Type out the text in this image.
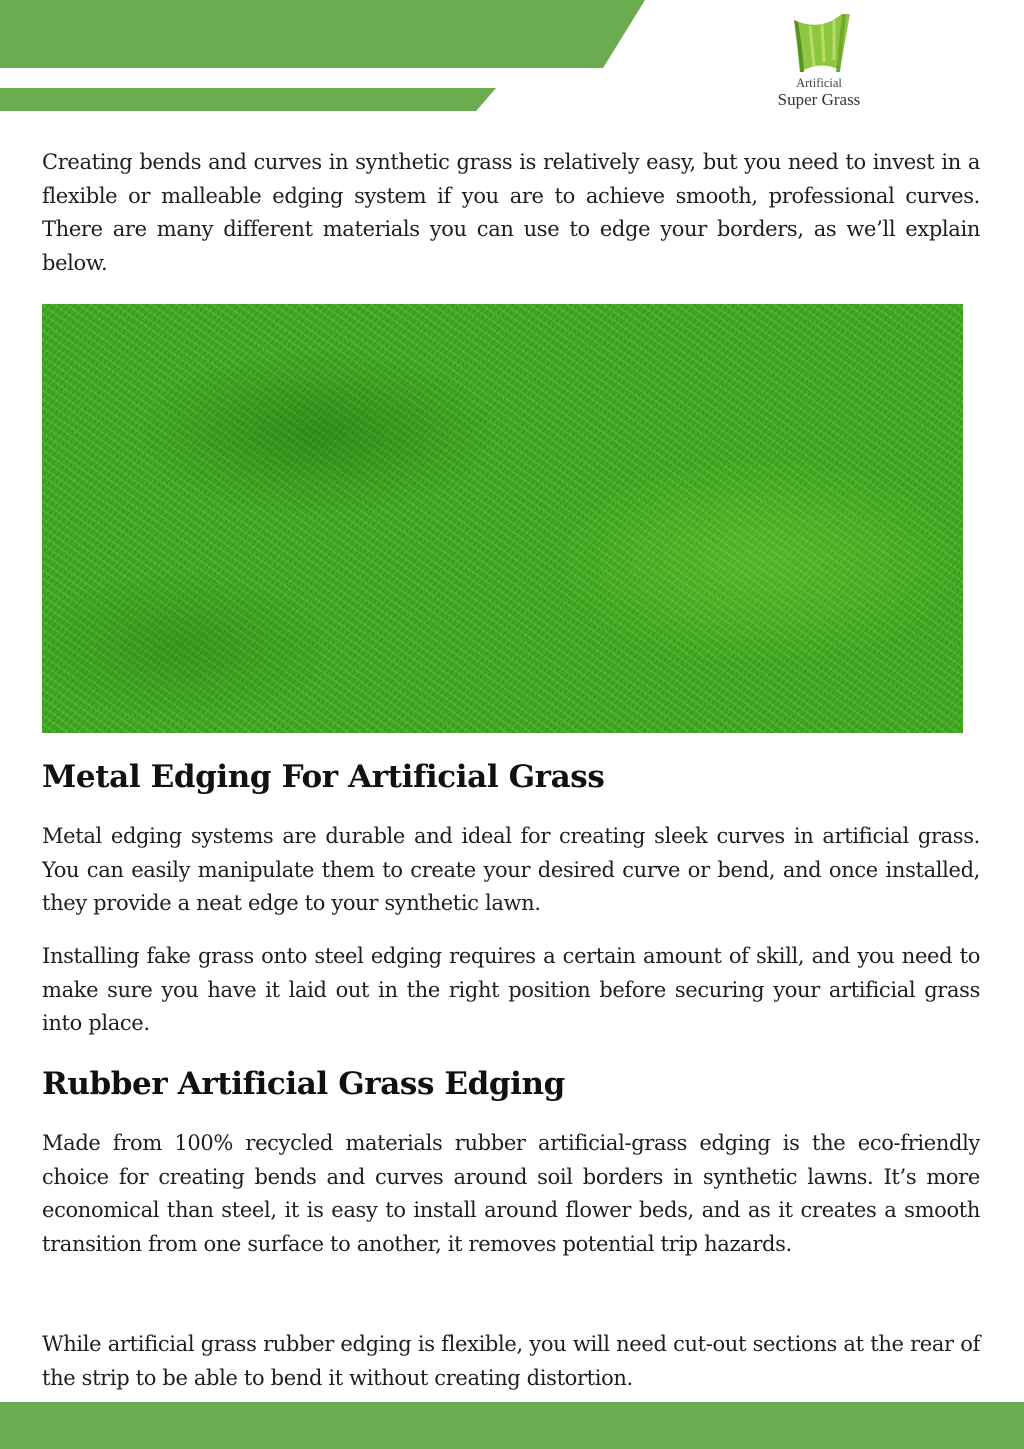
Artificial
Super Grass

Creating bends and curves in synthetic grass is relatively easy, but you need to invest in a flexible or malleable edging system if you are to achieve smooth, professional curves. There are many different materials you can use to edge your borders, as we’ll explain below.

Metal Edging For Artificial Grass

Metal edging systems are durable and ideal for creating sleek curves in artificial grass. You can easily manipulate them to create your desired curve or bend, and once installed, they provide a neat edge to your synthetic lawn.

Installing fake grass onto steel edging requires a certain amount of skill, and you need to make sure you have it laid out in the right position before securing your artificial grass into place.

Rubber Artificial Grass Edging

Made from 100% recycled materials rubber artificial-grass edging is the eco-friendly choice for creating bends and curves around soil borders in synthetic lawns. It’s more economical than steel, it is easy to install around flower beds, and as it creates a smooth transition from one surface to another, it removes potential trip hazards.

While artificial grass rubber edging is flexible, you will need cut-out sections at the rear of the strip to be able to bend it without creating distortion.
